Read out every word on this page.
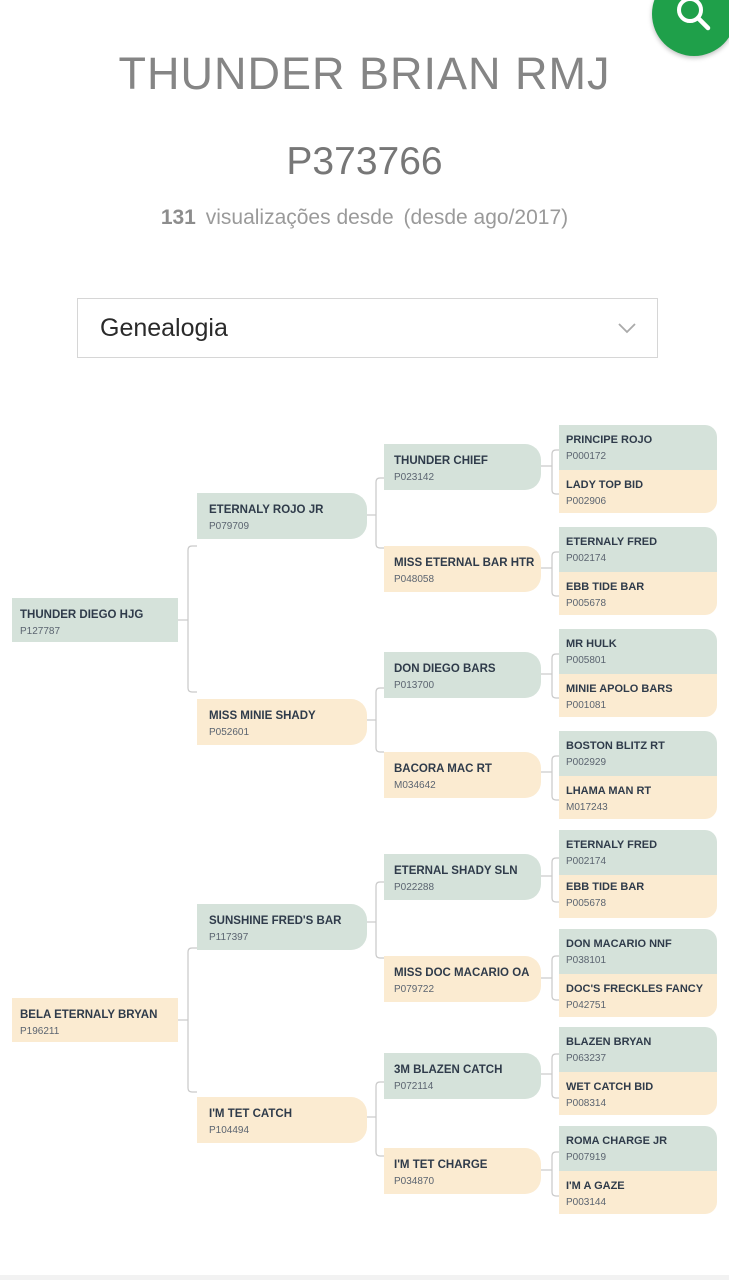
THUNDER BRIAN RMJ
P373766
131 visualizações desde (desde ago/2017)
Genealogia
THUNDER DIEGO HJG
P127787
BELA ETERNALY BRYAN
P196211
ETERNALY ROJO JR
P079709
MISS MINIE SHADY
P052601
SUNSHINE FRED'S BAR
P117397
I'M TET CATCH
P104494
THUNDER CHIEF
P023142
MISS ETERNAL BAR HTR
P048058
DON DIEGO BARS
P013700
BACORA MAC RT
M034642
ETERNAL SHADY SLN
P022288
MISS DOC MACARIO OA
P079722
3M BLAZEN CATCH
P072114
I'M TET CHARGE
P034870
PRINCIPE ROJO
P000172
LADY TOP BID
P002906
ETERNALY FRED
P002174
EBB TIDE BAR
P005678
MR HULK
P005801
MINIE APOLO BARS
P001081
BOSTON BLITZ RT
P002929
LHAMA MAN RT
M017243
ETERNALY FRED
P002174
EBB TIDE BAR
P005678
DON MACARIO NNF
P038101
DOC'S FRECKLES FANCY
P042751
BLAZEN BRYAN
P063237
WET CATCH BID
P008314
ROMA CHARGE JR
P007919
I'M A GAZE
P003144
